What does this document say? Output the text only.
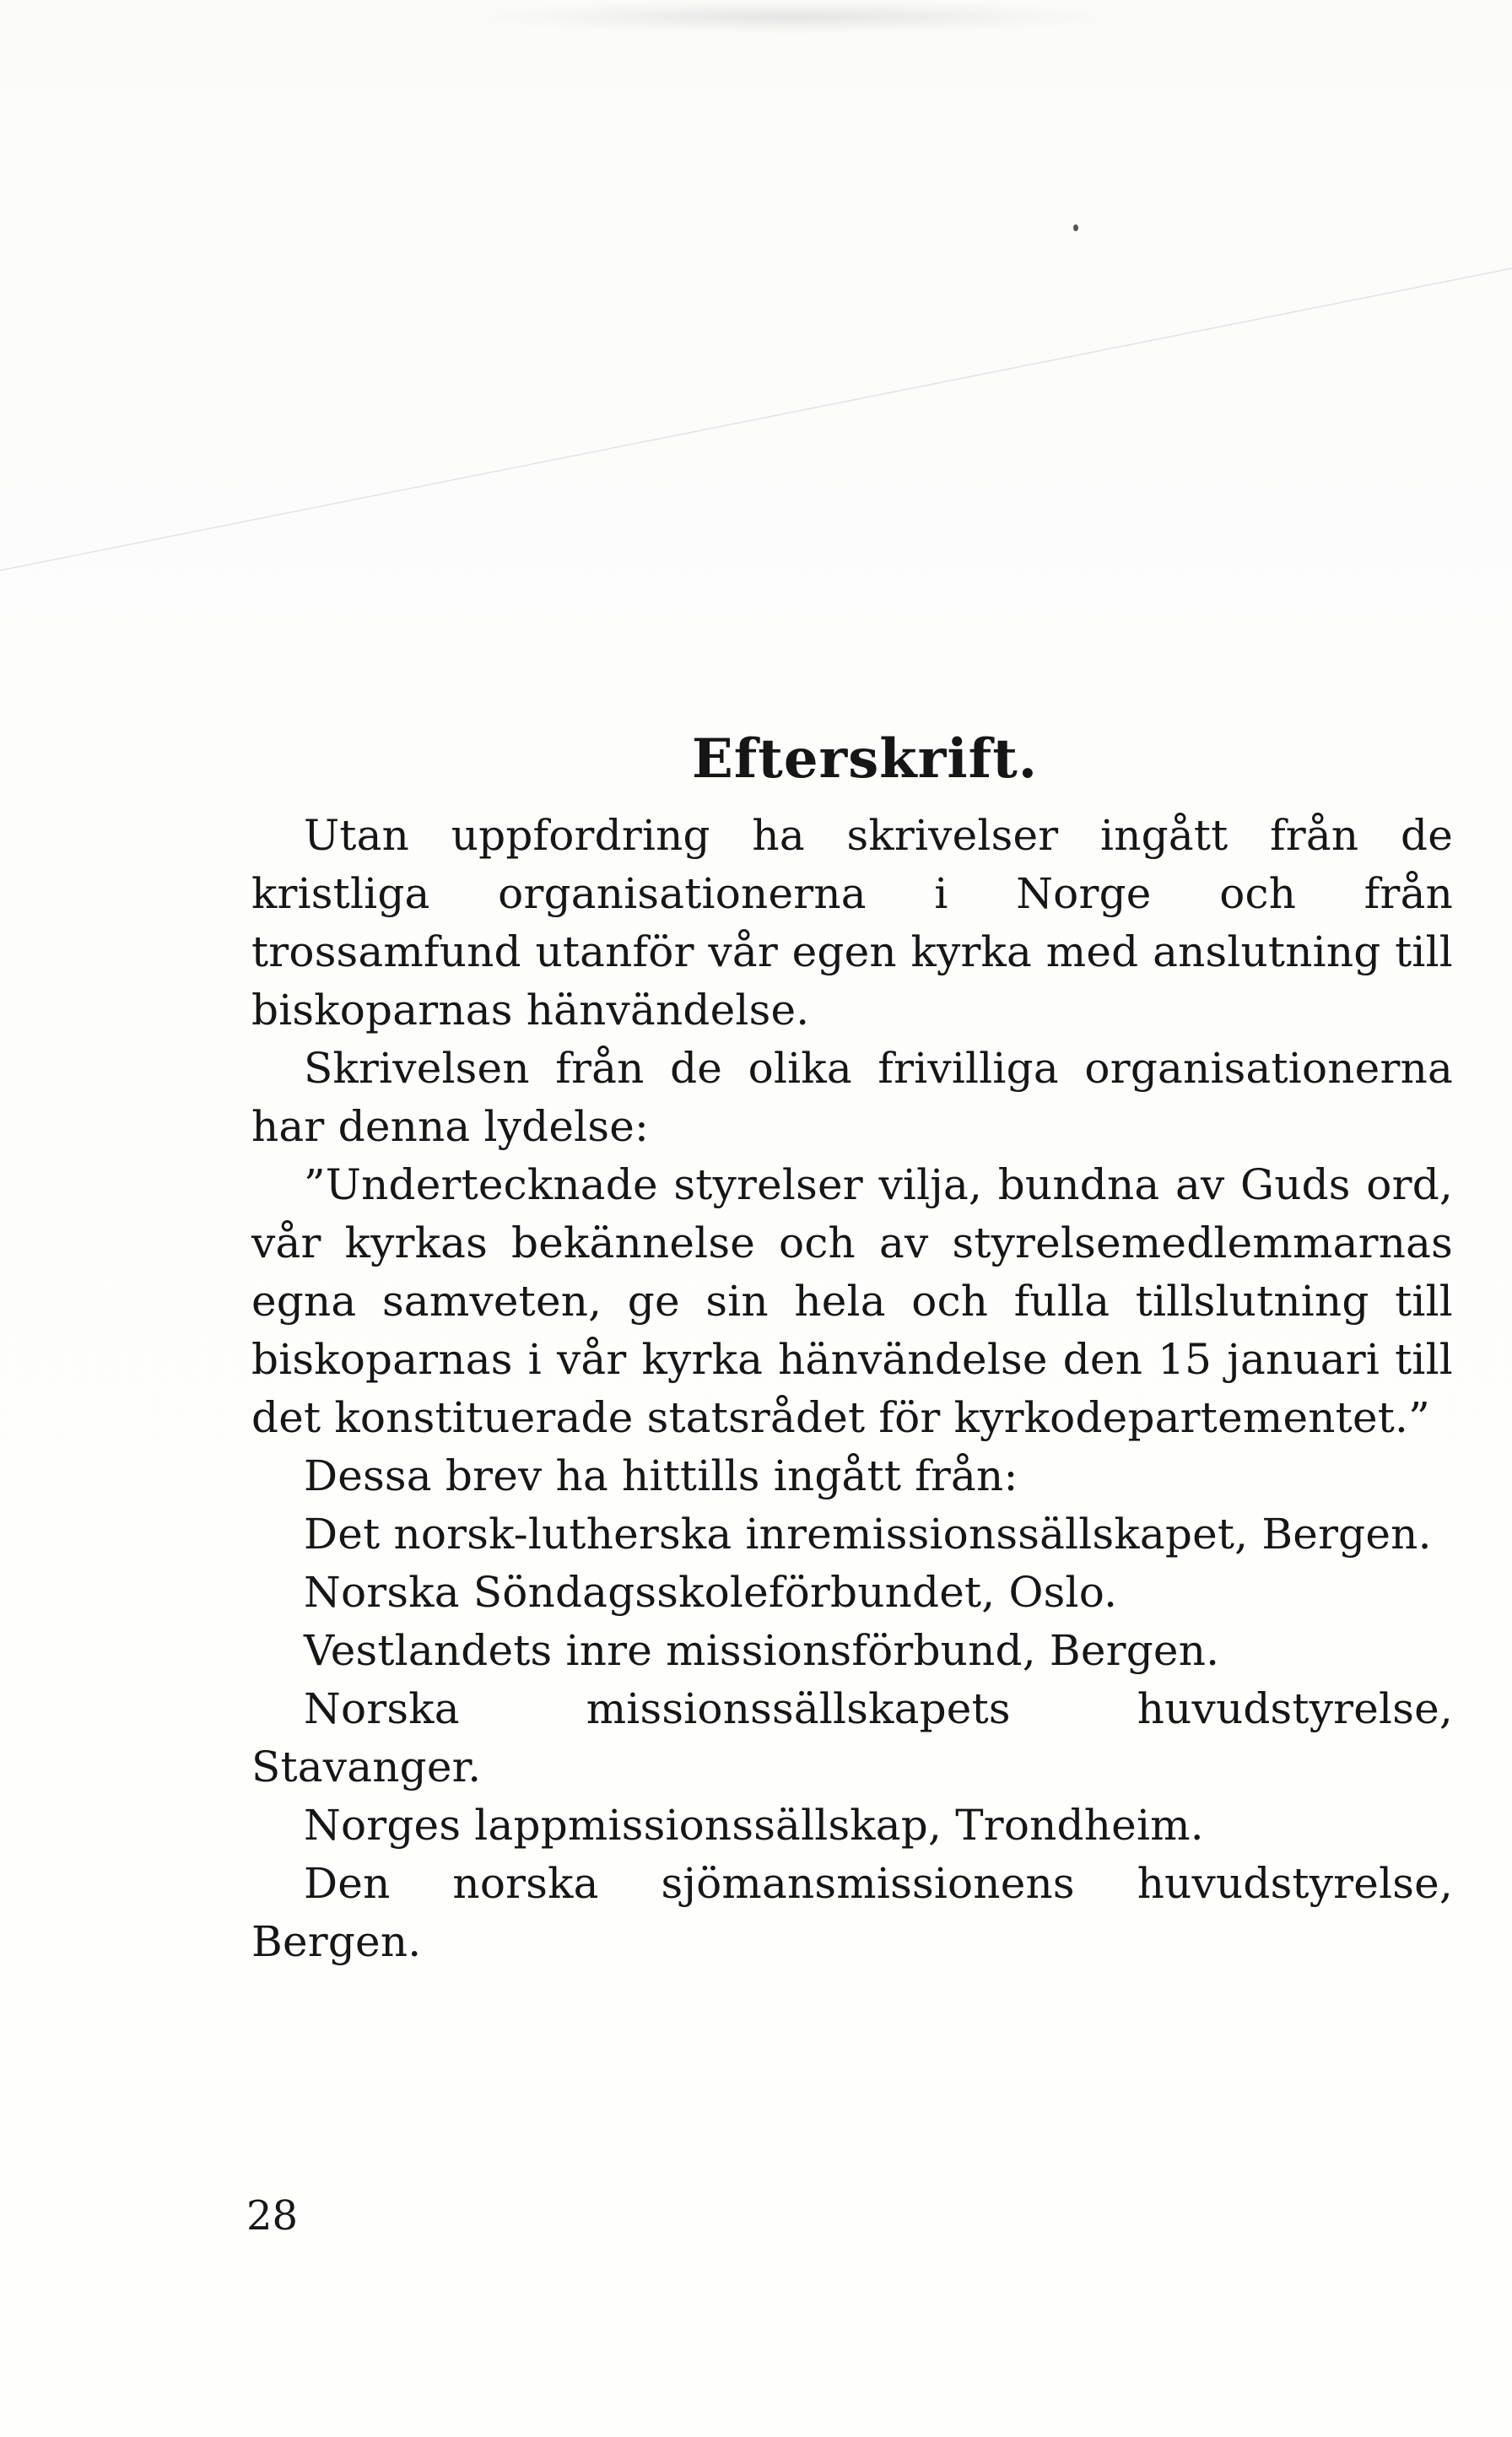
Efterskrift.

Utan uppfordring ha skrivelser ingått från de kristliga organisationerna i Norge och från trossamfund utanför vår egen kyrka med anslutning till biskoparnas hänvändelse.

Skrivelsen från de olika frivilliga organisationerna har denna lydelse:

”Undertecknade styrelser vilja, bundna av Guds ord, vår kyrkas bekännelse och av styrelsemedlemmarnas egna samveten, ge sin hela och fulla tillslutning till biskoparnas i vår kyrka hänvändelse den 15 januari till det konstituerade statsrådet för kyrkodepartementet.”

Dessa brev ha hittills ingått från:

Det norsk-lutherska inremissionssällskapet, Bergen.

Norska Söndagsskoleförbundet, Oslo.

Vestlandets inre missionsförbund, Bergen.

Norska missionssällskapets huvudstyrelse, Stavanger.

Norges lappmissionssällskap, Trondheim.

Den norska sjömansmissionens huvudstyrelse, Bergen.

28
